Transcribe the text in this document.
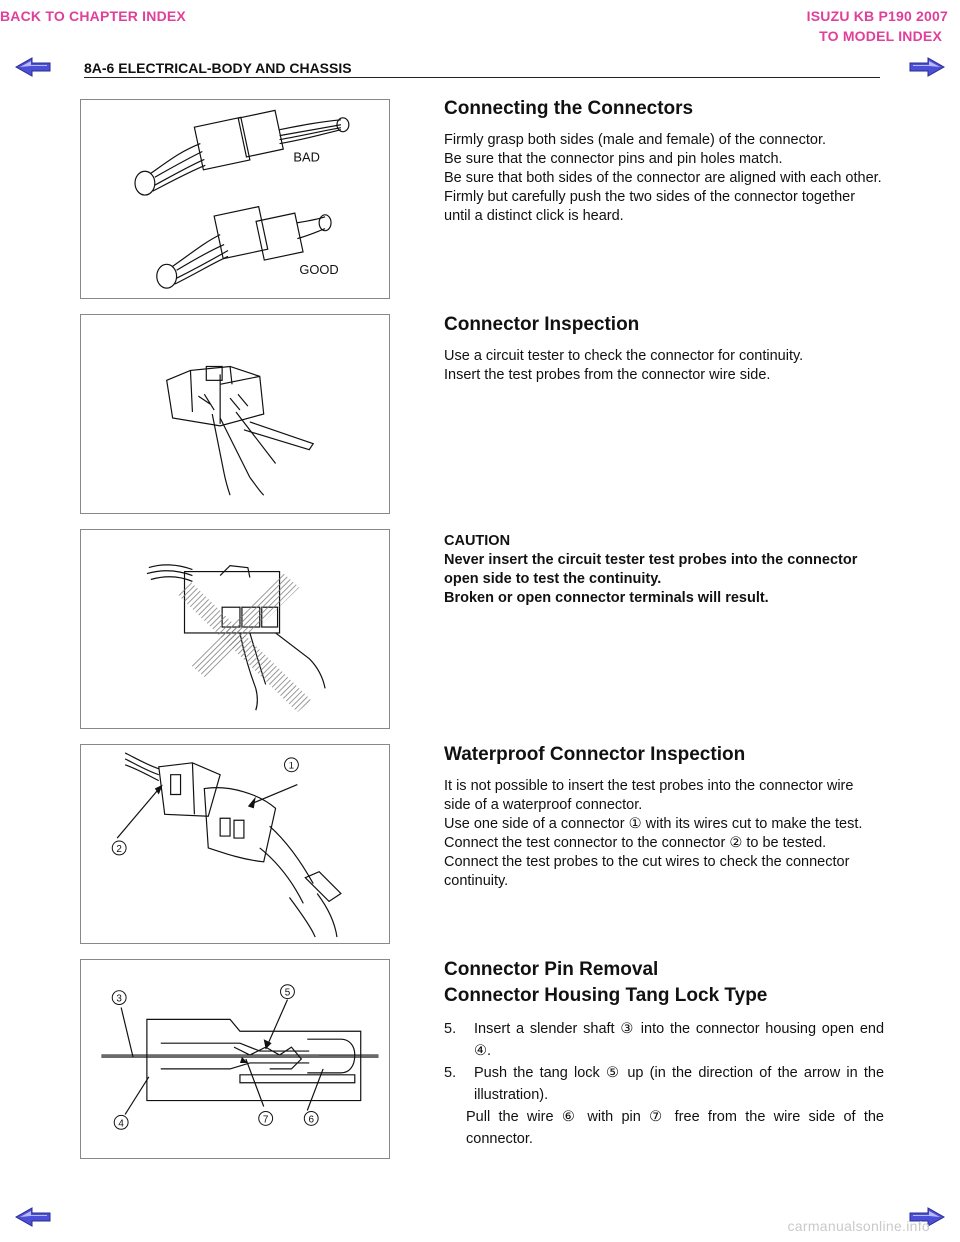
BACK TO CHAPTER INDEX	ISUZU KB P190 2007
TO MODEL INDEX
8A-6 ELECTRICAL-BODY AND CHASSIS
BAD
GOOD
Connecting the Connectors

Firmly grasp both sides (male and female) of the connector.

Be sure that the connector pins and pin holes match.

Be sure that both sides of the connector are aligned with each other.

Firmly but carefully push the two sides of the connector together until a distinct click is heard.

Connector Inspection

Use a circuit tester to check the connector for continuity.

Insert the test probes from the connector wire side.

CAUTION

Never insert the circuit tester test probes into the connector open side to test the continuity.

Broken or open connector terminals will result.

1
2
Waterproof Connector Inspection

It is not possible to insert the test probes into the connector wire side of a waterproof connector.

Use one side of a connector ① with its wires cut to make the test.

Connect the test connector to the connector ② to be tested.

Connect the test probes to the cut wires to check the connector continuity.

3
4
5
6
7
Connector Pin Removal
Connector Housing Tang Lock Type
5. Insert a slender shaft ③ into the connector housing open end ④.
5. Push the tang lock ⑤ up (in the direction of the arrow in the illustration).

Pull the wire ⑥ with pin ⑦ free from the wire side of the connector.

carmanualsonline.info
